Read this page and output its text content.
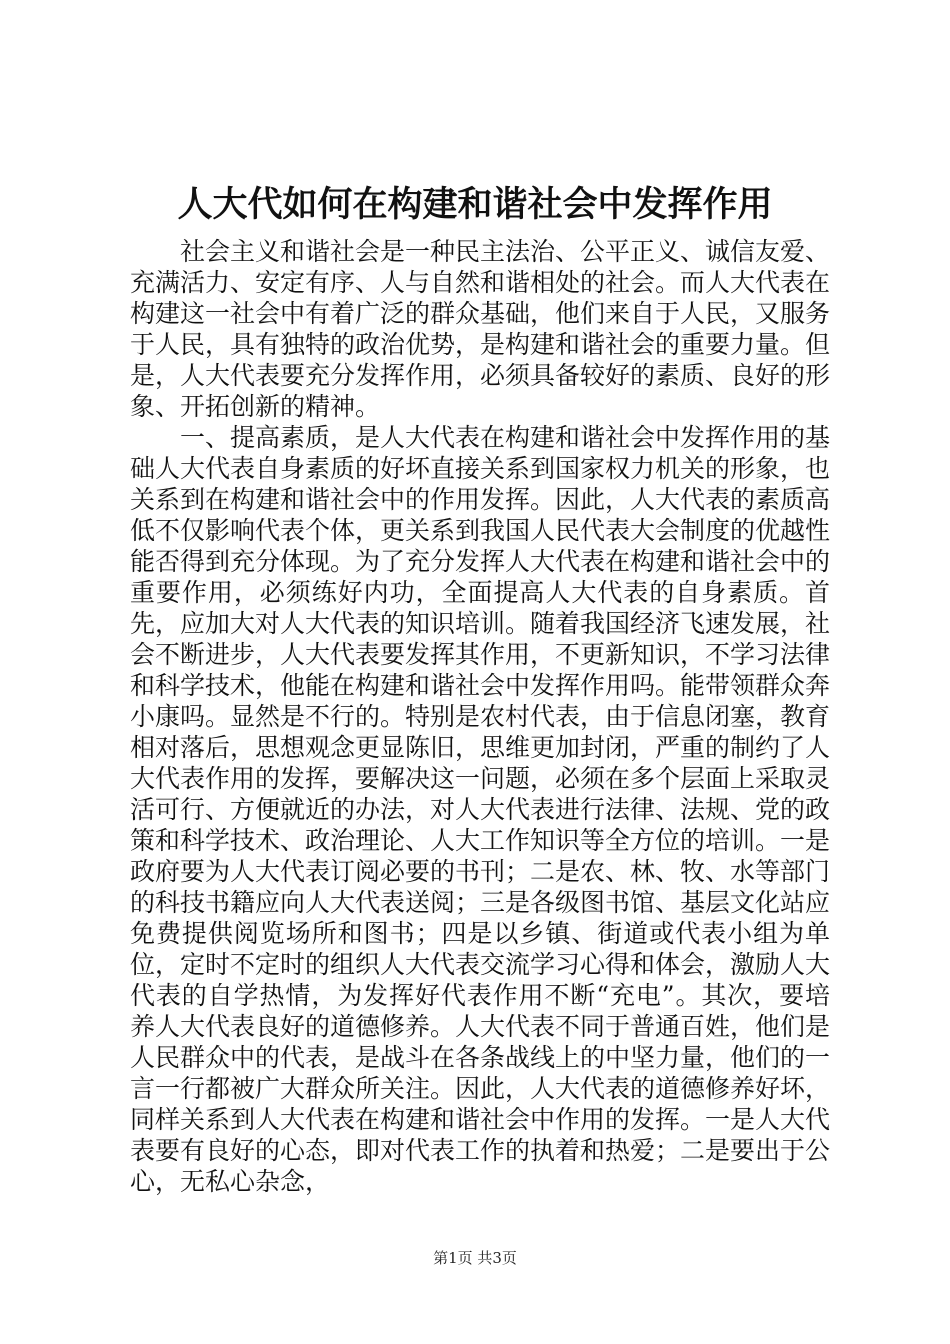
人大代如何在构建和谐社会中发挥作用

社会主义和谐社会是一种民主法治、公平正义、诚信友爱、充满活力、安定有序、人与自然和谐相处的社会。而人大代表在构建这一社会中有着广泛的群众基础，他们来自于人民，又服务于人民，具有独特的政治优势，是构建和谐社会的重要力量。但是，人大代表要充分发挥作用，必须具备较好的素质、良好的形象、开拓创新的精神。

一、提高素质，是人大代表在构建和谐社会中发挥作用的基础人大代表自身素质的好坏直接关系到国家权力机关的形象，也关系到在构建和谐社会中的作用发挥。因此，人大代表的素质高低不仅影响代表个体，更关系到我国人民代表大会制度的优越性能否得到充分体现。为了充分发挥人大代表在构建和谐社会中的重要作用，必须练好内功，全面提高人大代表的自身素质。首先，应加大对人大代表的知识培训。随着我国经济飞速发展，社会不断进步，人大代表要发挥其作用，不更新知识，不学习法律和科学技术，他能在构建和谐社会中发挥作用吗。能带领群众奔小康吗。显然是不行的。特别是农村代表，由于信息闭塞，教育相对落后，思想观念更显陈旧，思维更加封闭，严重的制约了人大代表作用的发挥，要解决这一问题，必须在多个层面上采取灵活可行、方便就近的办法，对人大代表进行法律、法规、党的政策和科学技术、政治理论、人大工作知识等全方位的培训。一是政府要为人大代表订阅必要的书刊；二是农、林、牧、水等部门的科技书籍应向人大代表送阅；三是各级图书馆、基层文化站应免费提供阅览场所和图书；四是以乡镇、街道或代表小组为单位，定时不定时的组织人大代表交流学习心得和体会，激励人大代表的自学热情，为发挥好代表作用不断“充电”。其次，要培养人大代表良好的道德修养。人大代表不同于普通百姓，他们是人民群众中的代表，是战斗在各条战线上的中坚力量，他们的一言一行都被广大群众所关注。因此，人大代表的道德修养好坏，同样关系到人大代表在构建和谐社会中作用的发挥。一是人大代表要有良好的心态，即对代表工作的执着和热爱；二是要出于公心，无私心杂念，

第1页 共3页
